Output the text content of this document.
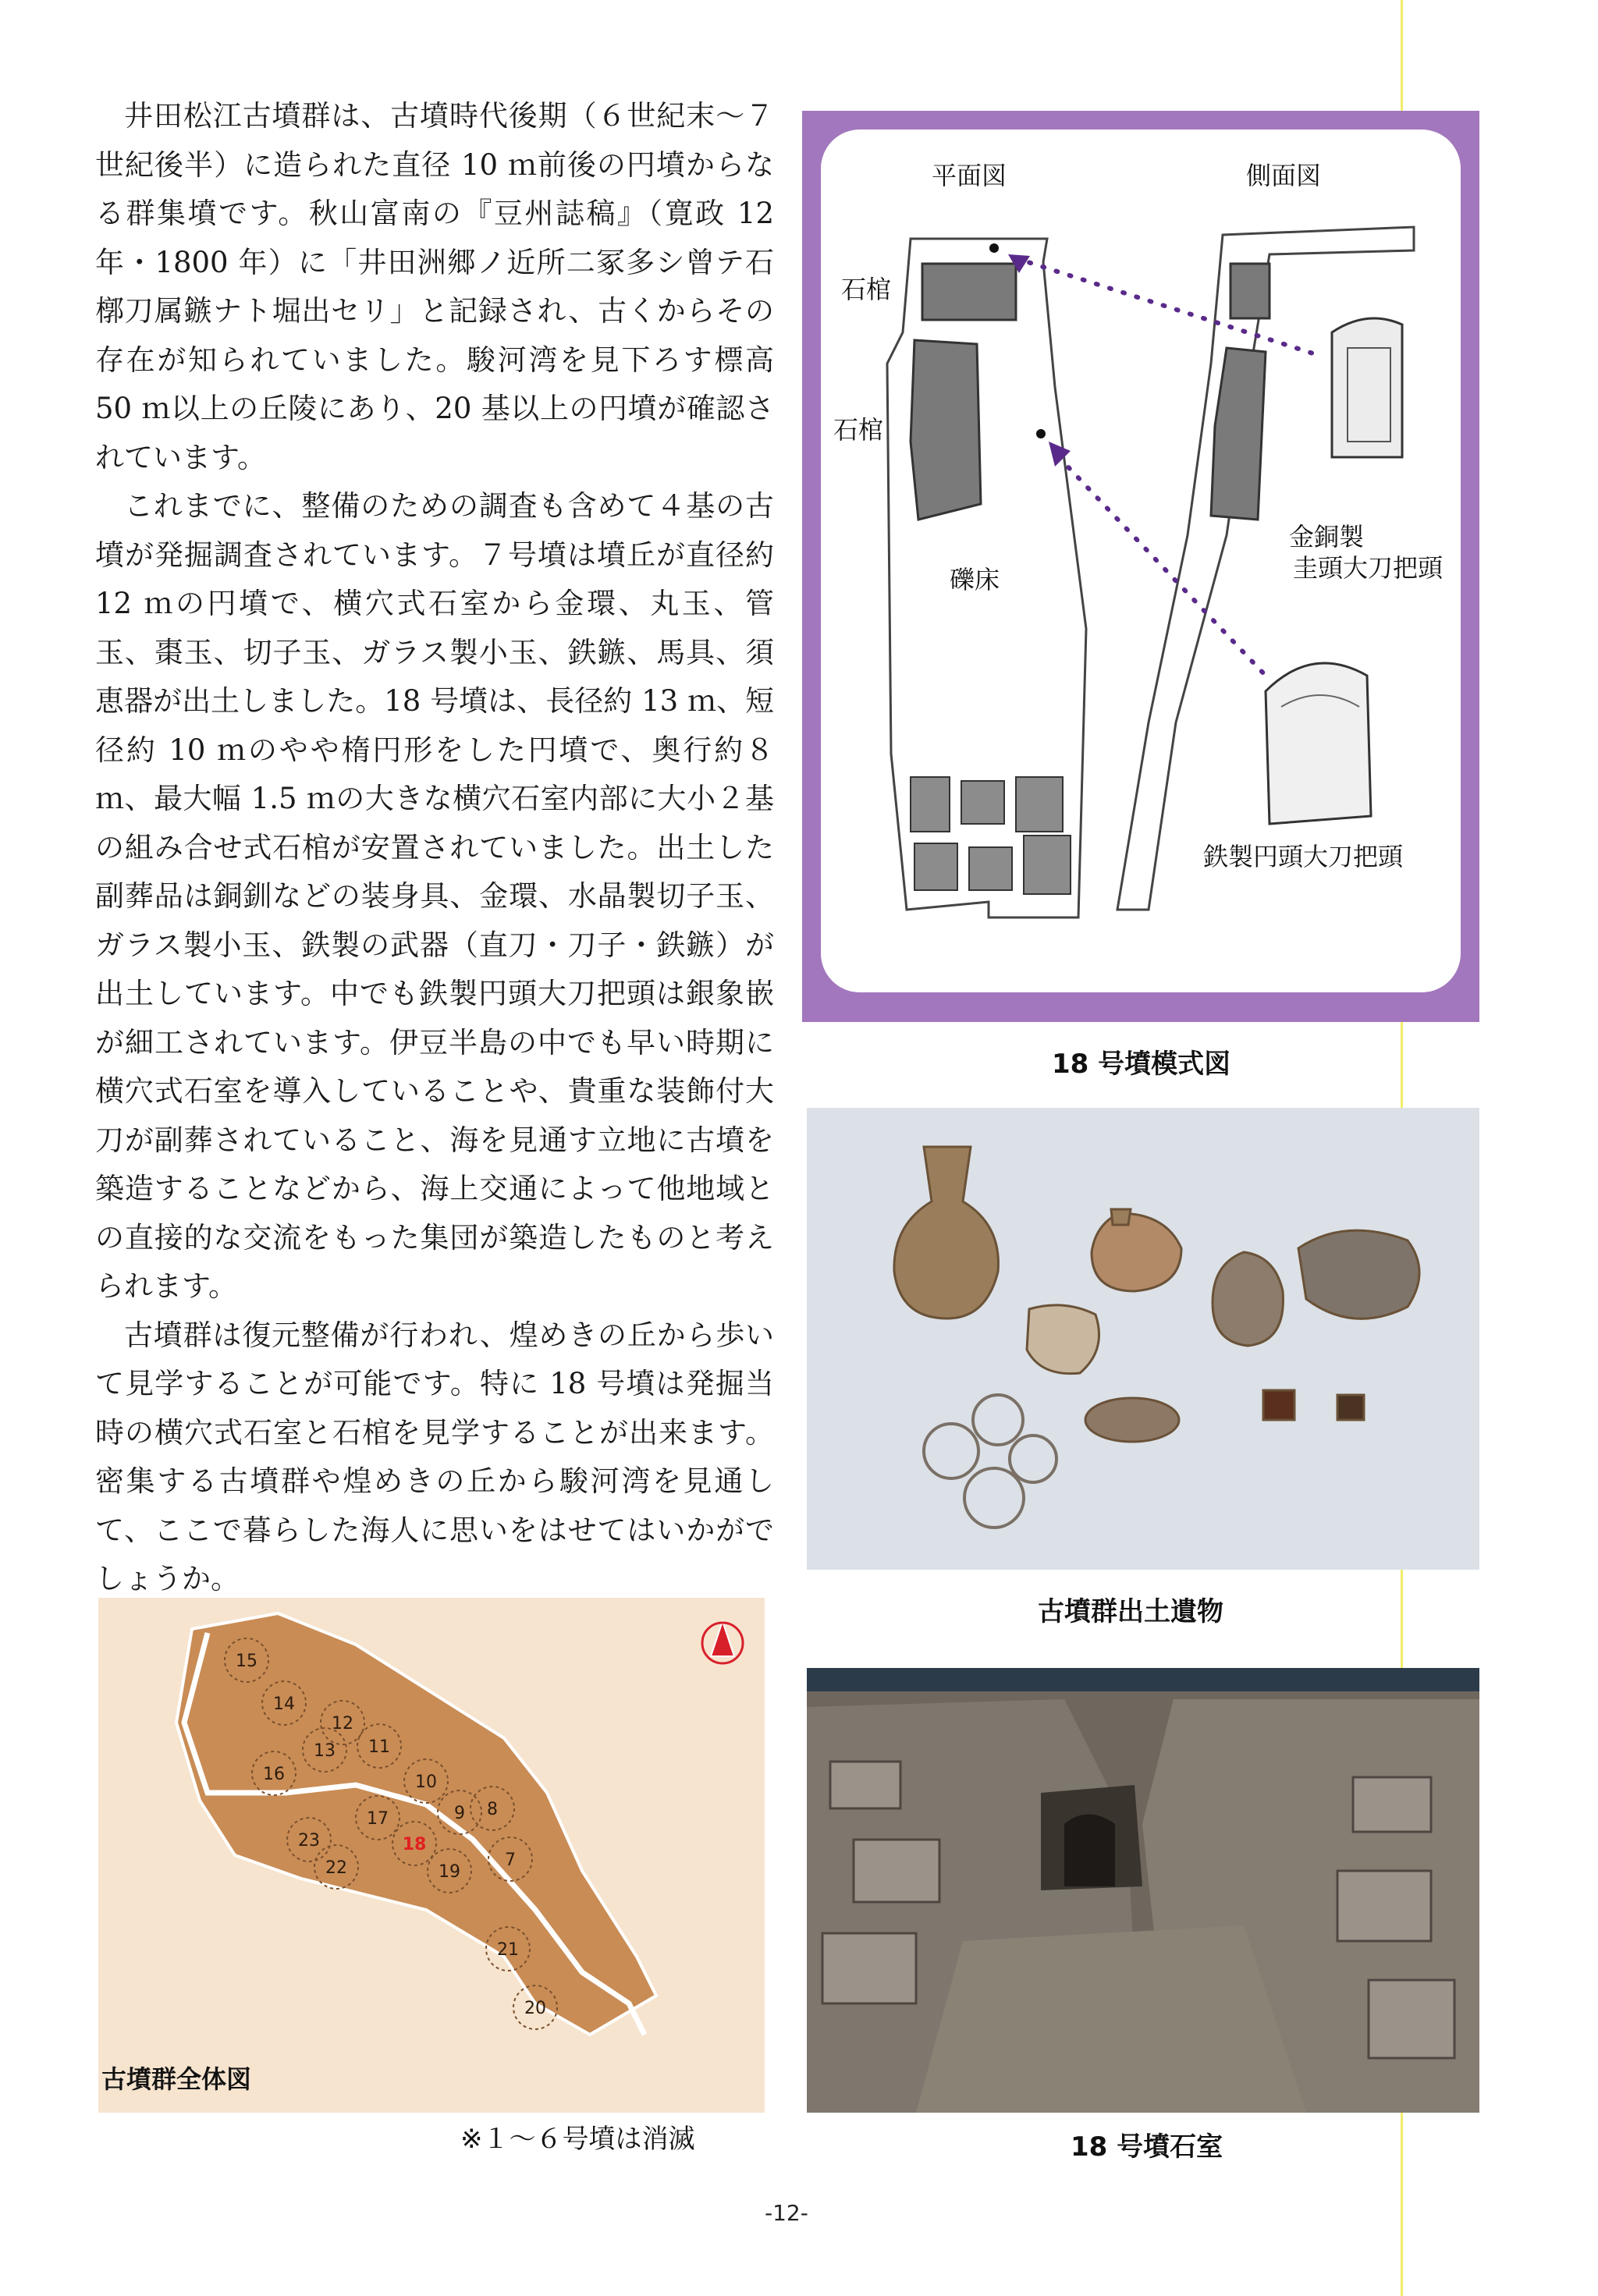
井田松江古墳群は、古墳時代後期（６世紀末〜７世紀後半）に造られた直径 10 ｍ前後の円墳からなる群集墳です。秋山富南の『豆州誌稿』（寛政 12 年・1800 年）に「井田洲郷ノ近所二冢多シ曾テ石槨刀属鏃ナト堀出セリ」と記録され、古くからその存在が知られていました。駿河湾を見下ろす標高 50 ｍ以上の丘陵にあり、20 基以上の円墳が確認されています。

これまでに、整備のための調査も含めて４基の古墳が発掘調査されています。７号墳は墳丘が直径約 12 ｍの円墳で、横穴式石室から金環、丸玉、管玉、棗玉、切子玉、ガラス製小玉、鉄鏃、馬具、須恵器が出土しました。18 号墳は、長径約 13 ｍ、短径約 10 ｍのやや楕円形をした円墳で、奥行約８ｍ、最大幅 1.5 ｍの大きな横穴石室内部に大小２基の組み合せ式石棺が安置されていました。出土した副葬品は銅釧などの装身具、金環、水晶製切子玉、ガラス製小玉、鉄製の武器（直刀・刀子・鉄鏃）が出土しています。中でも鉄製円頭大刀把頭は銀象嵌が細工されています。伊豆半島の中でも早い時期に横穴式石室を導入していることや、貴重な装飾付大刀が副葬されていること、海を見通す立地に古墳を築造することなどから、海上交通によって他地域との直接的な交流をもった集団が築造したものと考えられます。

古墳群は復元整備が行われ、煌めきの丘から歩いて見学することが可能です。特に 18 号墳は発掘当時の横穴式石室と石棺を見学することが出来ます。密集する古墳群や煌めきの丘から駿河湾を見通して、ここで暮らした海人に思いをはせてはいかがでしょうか。

平面図	側面図
石棺
石棺
礫床
金銅製
圭頭大刀把頭
鉄製円頭大刀把頭
18 号墳模式図
古墳群出土遺物
18 号墳石室
15
14
12
13 11
16	10
9 8
17
23	18
22	19
7
21
20
古墳群全体図
※１〜６号墳は消滅
-12-
